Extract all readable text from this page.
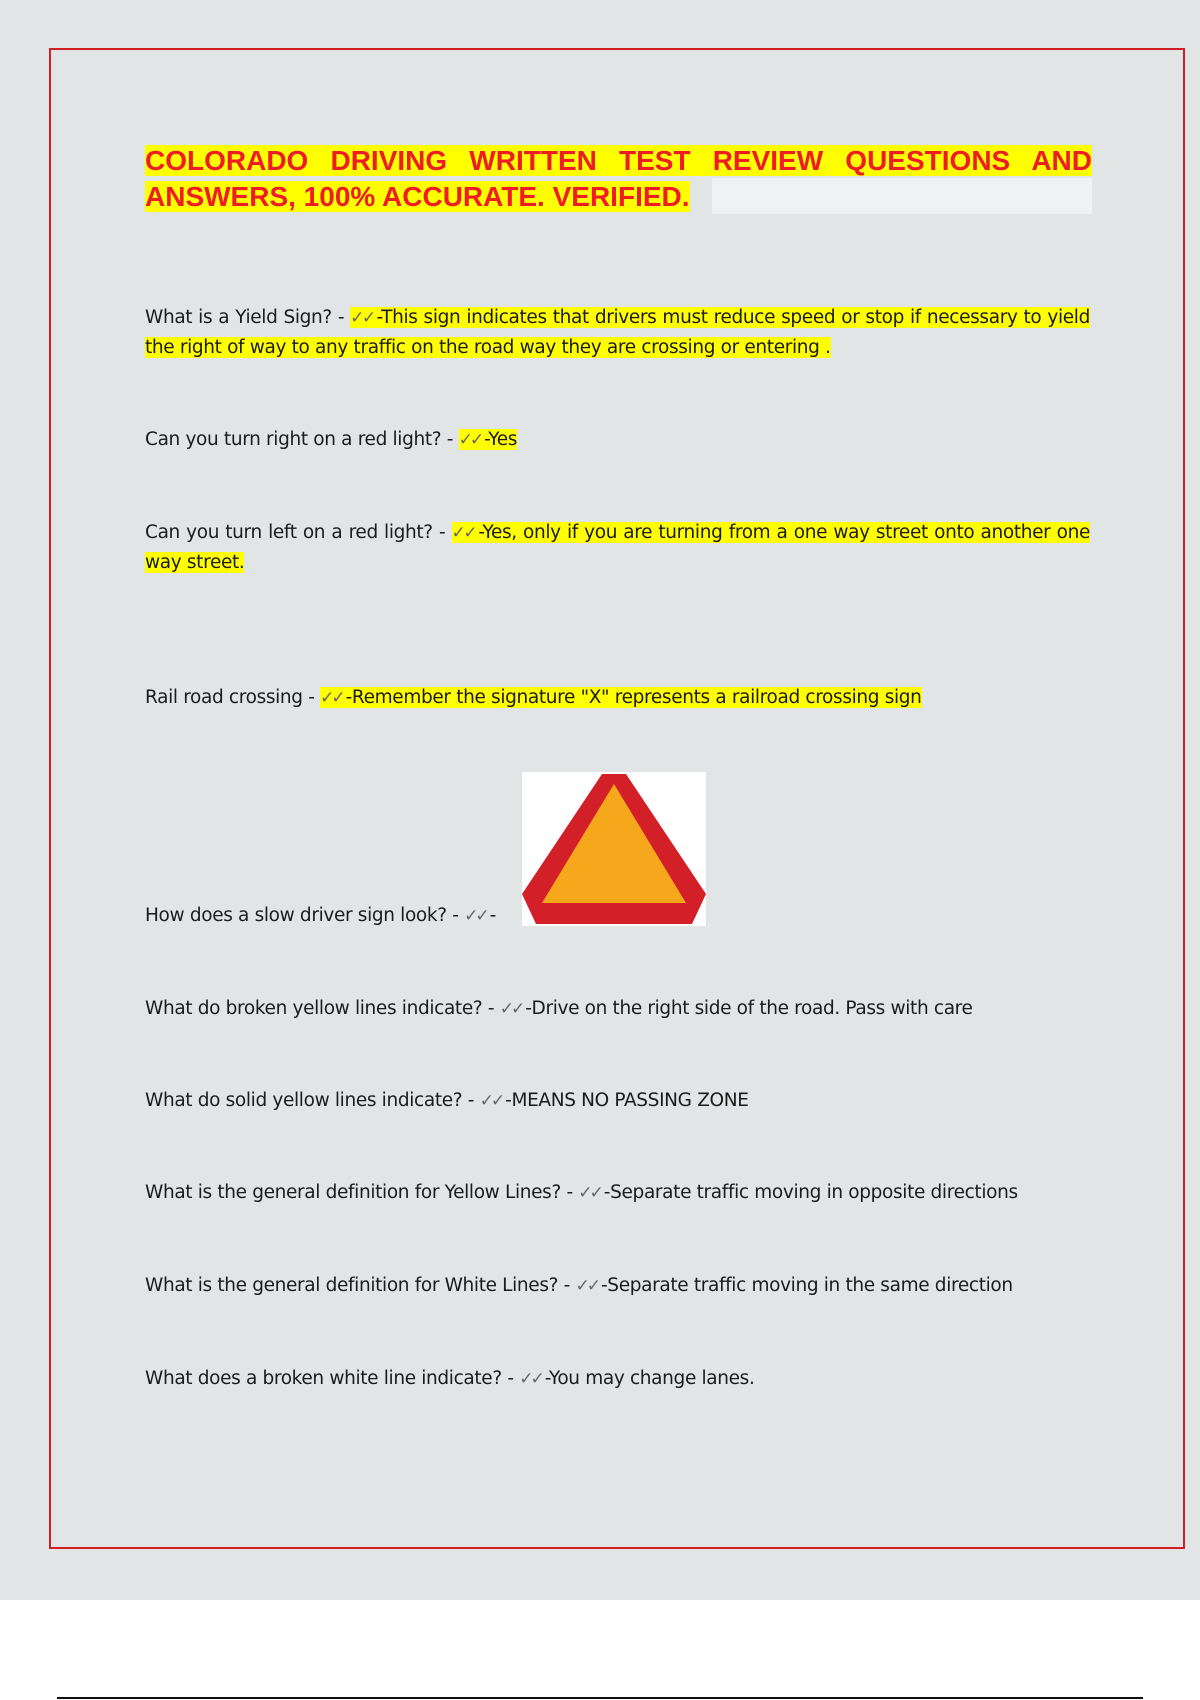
COLORADO DRIVING WRITTEN TEST REVIEW QUESTIONS AND ANSWERS, 100% ACCURATE. VERIFIED.

What is a Yield Sign? - ✓✓ -This sign indicates that drivers must reduce speed or stop if necessary to yield the right of way to any traffic on the road way they are crossing or entering .

Can you turn right on a red light? - ✓✓ -Yes

Can you turn left on a red light? - ✓✓ -Yes, only if you are turning from a one way street onto another one way street.

Rail road crossing - ✓✓ -Remember the signature "X" represents a railroad crossing sign

How does a slow driver sign look? - ✓✓ -

What do broken yellow lines indicate? - ✓✓ -Drive on the right side of the road. Pass with care

What do solid yellow lines indicate? - ✓✓ -MEANS NO PASSING ZONE

What is the general definition for Yellow Lines? - ✓✓ -Separate traffic moving in opposite directions

What is the general definition for White Lines? - ✓✓ -Separate traffic moving in the same direction

What does a broken white line indicate? - ✓✓ -You may change lanes.
